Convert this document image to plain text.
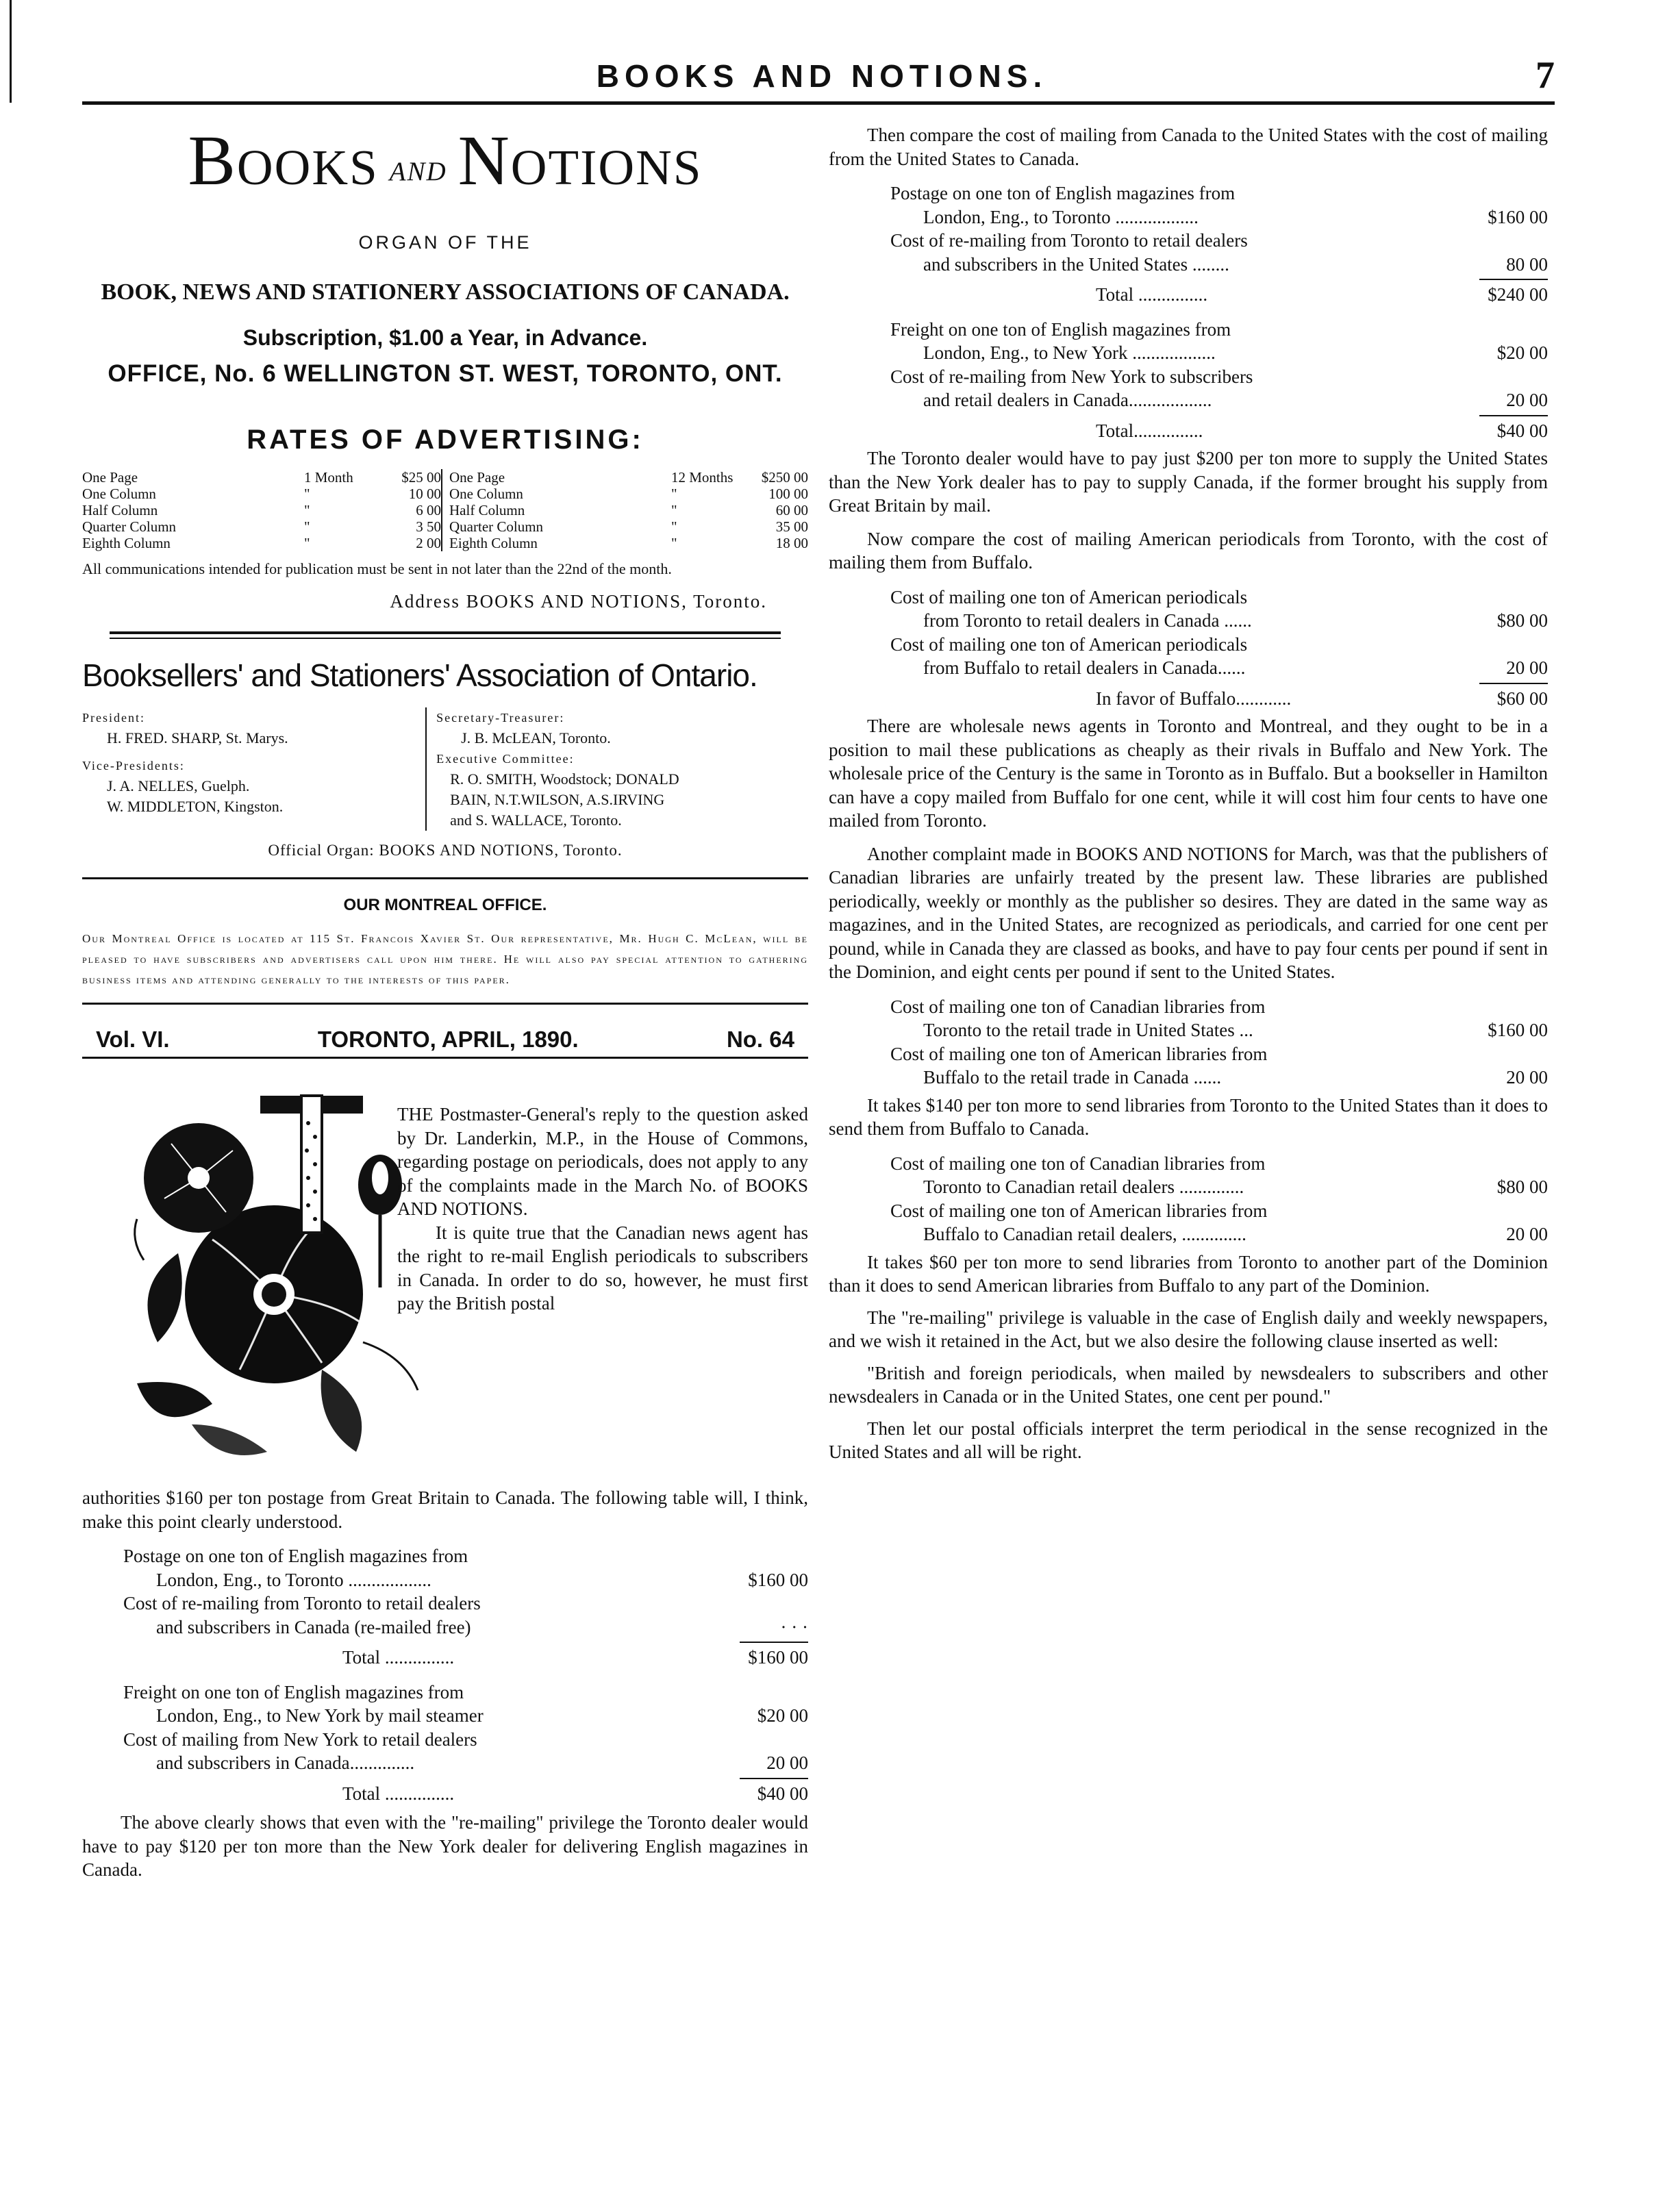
BOOKS AND NOTIONS.	7
Books and Notions
ORGAN OF THE
BOOK, NEWS AND STATIONERY ASSOCIATIONS OF CANADA.
Subscription, $1.00 a Year, in Advance.
OFFICE, No. 6 WELLINGTON ST. WEST, TORONTO, ONT.
RATES OF ADVERTISING:
One Page	1 Month	$25 00
One Column	"	10 00
Half Column	"	6 00
Quarter Column	"	3 50
Eighth Column	"	2 00
One Page	12 Months	$250 00
One Column	"	100 00
Half Column	"	60 00
Quarter Column	"	35 00
Eighth Column	"	18 00
All communications intended for publication must be sent in not later than the 22nd of the month.
Address BOOKS AND NOTIONS, Toronto.
Booksellers' and Stationers' Association of Ontario.
President:
H. FRED. SHARP, St. Marys.
Vice-Presidents:
J. A. NELLES, Guelph.
W. MIDDLETON, Kingston.
Secretary-Treasurer:
J. B. McLEAN, Toronto.
Executive Committee:
R. O. SMITH, Woodstock; DONALD
BAIN, N.T.WILSON, A.S.IRVING
and S. WALLACE, Toronto.
Official Organ: BOOKS AND NOTIONS, Toronto.
OUR MONTREAL OFFICE.
Our Montreal Office is located at 115 St. Francois Xavier St. Our representative, Mr. Hugh C. McLean, will be pleased to have subscribers and advertisers call upon him there. He will also pay special attention to gathering business items and attending generally to the interests of this paper.
Vol. VI.	TORONTO, APRIL, 1890.	No. 64

THE Postmaster-General's reply to the question asked by Dr. Landerkin, M.P., in the House of Commons, regarding postage on periodicals, does not apply to any of the complaints made in the March No. of BOOKS AND NOTIONS.

It is quite true that the Canadian news agent has the right to re-mail English periodicals to subscribers in Canada. In order to do so, however, he must first pay the British postal

authorities $160 per ton postage from Great Britain to Canada. The following table will, I think, make this point clearly understood.

Postage on one ton of English magazines from
London, Eng., to Toronto ..................	$160 00
Cost of re-mailing from Toronto to retail dealers
and subscribers in Canada (re-mailed free)	· · ·
Total ...............	$160 00
Freight on one ton of English magazines from
London, Eng., to New York by mail steamer	$20 00
Cost of mailing from New York to retail dealers
and subscribers in Canada..............	20 00
Total ...............	$40 00

The above clearly shows that even with the "re-mailing" privilege the Toronto dealer would have to pay $120 per ton more than the New York dealer for delivering English magazines in Canada.

Then compare the cost of mailing from Canada to the United States with the cost of mailing from the United States to Canada.

Postage on one ton of English magazines from
London, Eng., to Toronto ..................	$160 00
Cost of re-mailing from Toronto to retail dealers
and subscribers in the United States ........	80 00
Total ...............	$240 00
Freight on one ton of English magazines from
London, Eng., to New York ..................	$20 00
Cost of re-mailing from New York to subscribers
and retail dealers in Canada..................	20 00
Total...............	$40 00

The Toronto dealer would have to pay just $200 per ton more to supply the United States than the New York dealer has to pay to supply Canada, if the former brought his supply from Great Britain by mail.

Now compare the cost of mailing American periodicals from Toronto, with the cost of mailing them from Buffalo.

Cost of mailing one ton of American periodicals
from Toronto to retail dealers in Canada ......	$80 00
Cost of mailing one ton of American periodicals
from Buffalo to retail dealers in Canada......	20 00
In favor of Buffalo............	$60 00

There are wholesale news agents in Toronto and Montreal, and they ought to be in a position to mail these publications as cheaply as their rivals in Buffalo and New York. The wholesale price of the Century is the same in Toronto as in Buffalo. But a bookseller in Hamilton can have a copy mailed from Buffalo for one cent, while it will cost him four cents to have one mailed from Toronto.

Another complaint made in BOOKS AND NOTIONS for March, was that the publishers of Canadian libraries are unfairly treated by the present law. These libraries are published periodically, weekly or monthly as the publisher so desires. They are dated in the same way as magazines, and in the United States, are recognized as periodicals, and carried for one cent per pound, while in Canada they are classed as books, and have to pay four cents per pound if sent in the Dominion, and eight cents per pound if sent to the United States.

Cost of mailing one ton of Canadian libraries from
Toronto to the retail trade in United States ...	$160 00
Cost of mailing one ton of American libraries from
Buffalo to the retail trade in Canada ......	20 00

It takes $140 per ton more to send libraries from Toronto to the United States than it does to send them from Buffalo to Canada.

Cost of mailing one ton of Canadian libraries from
Toronto to Canadian retail dealers ..............	$80 00
Cost of mailing one ton of American libraries from
Buffalo to Canadian retail dealers, ..............	20 00

It takes $60 per ton more to send libraries from Toronto to another part of the Dominion than it does to send American libraries from Buffalo to any part of the Dominion.

The "re-mailing" privilege is valuable in the case of English daily and weekly newspapers, and we wish it retained in the Act, but we also desire the following clause inserted as well:

"British and foreign periodicals, when mailed by newsdealers to subscribers and other newsdealers in Canada or in the United States, one cent per pound."

Then let our postal officials interpret the term periodical in the sense recognized in the United States and all will be right.
